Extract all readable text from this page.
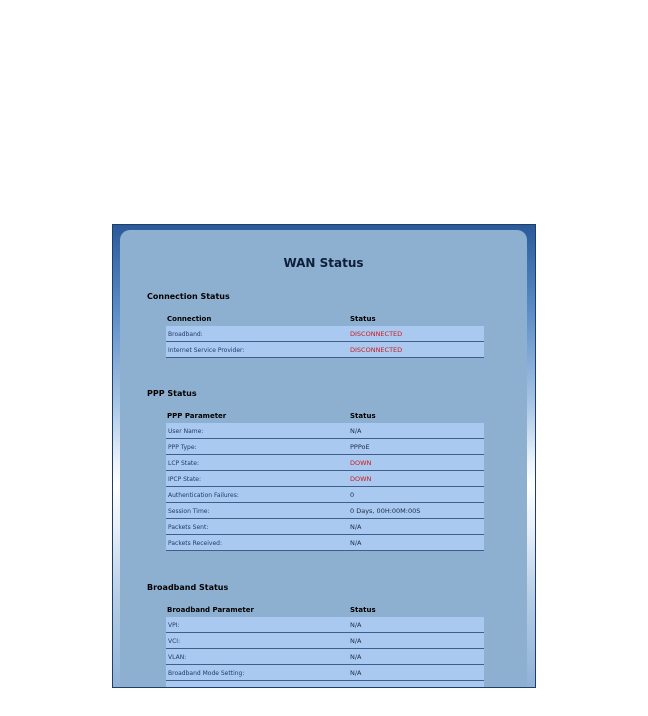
WAN Status
Connection Status
Connection	Status
Broadband:	DISCONNECTED
Internet Service Provider:	DISCONNECTED
PPP Status
PPP Parameter	Status
User Name:	N/A
PPP Type:	PPPoE
LCP State:	DOWN
IPCP State:	DOWN
Authentication Failures:	0
Session Time:	0 Days, 00H:00M:00S
Packets Sent:	N/A
Packets Received:	N/A
Broadband Status
Broadband Parameter	Status
VPI:	N/A
VCI:	N/A
VLAN:	N/A
Broadband Mode Setting:	N/A
